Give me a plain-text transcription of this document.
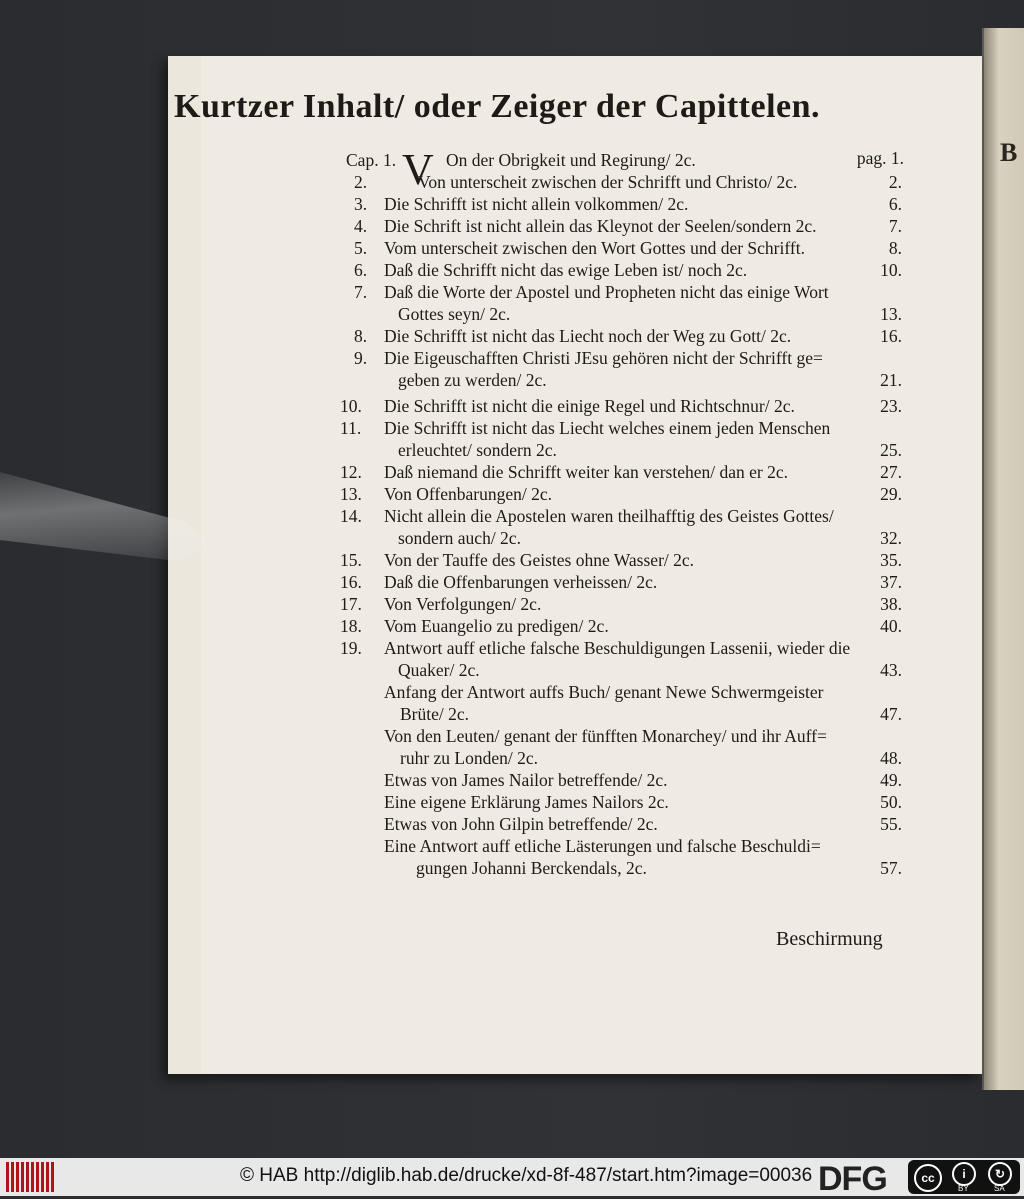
B
Kurtzer Inhalt/ oder Zeiger der Capittelen.
V
Cap. 1.	On der Obrigkeit und Regirung/ 2c.	pag. 1.
2.	Von unterscheit zwischen der Schrifft und Christo/ 2c.	2.
3. Die Schrifft ist nicht allein volkommen/ 2c.	6.
4. Die Schrift ist nicht allein das Kleynot der Seelen/sondern 2c.	7.
5. Vom unterscheit zwischen den Wort Gottes und der Schrifft.	8.
6. Daß die Schrifft nicht das ewige Leben ist/ noch 2c.	10.
7. Daß die Worte der Apostel und Propheten nicht das einige Wort
Gottes seyn/ 2c.	13.
8. Die Schrifft ist nicht das Liecht noch der Weg zu Gott/ 2c.	16.
9. Die Eigeuschafften Christi JEsu gehören nicht der Schrifft ge=
geben zu werden/ 2c.	21.
10. Die Schrifft ist nicht die einige Regel und Richtschnur/ 2c.	23.
11. Die Schrifft ist nicht das Liecht welches einem jeden Menschen
erleuchtet/ sondern 2c.	25.
12. Daß niemand die Schrifft weiter kan verstehen/ dan er 2c.	27.
13. Von Offenbarungen/ 2c.	29.
14. Nicht allein die Apostelen waren theilhafftig des Geistes Gottes/
sondern auch/ 2c.	32.
15. Von der Tauffe des Geistes ohne Wasser/ 2c.	35.
16. Daß die Offenbarungen verheissen/ 2c.	37.
17. Von Verfolgungen/ 2c.	38.
18. Vom Euangelio zu predigen/ 2c.	40.
19. Antwort auff etliche falsche Beschuldigungen Lassenii, wieder die
Quaker/ 2c.	43.
Anfang der Antwort auffs Buch/ genant Newe Schwermgeister
Brüte/ 2c.	47.
Von den Leuten/ genant der fünfften Monarchey/ und ihr Auff=
ruhr zu Londen/ 2c.	48.
Etwas von James Nailor betreffende/ 2c.	49.
Eine eigene Erklärung James Nailors 2c.	50.
Etwas von John Gilpin betreffende/ 2c.	55.
Eine Antwort auff etliche Lästerungen und falsche Beschuldi=
gungen Johanni Berckendals, 2c.	57.
Beschirmung
© HAB http://diglib.hab.de/drucke/xd-8f-487/start.htm?image=00036 DFG	cc	i	↻
BY	SA
